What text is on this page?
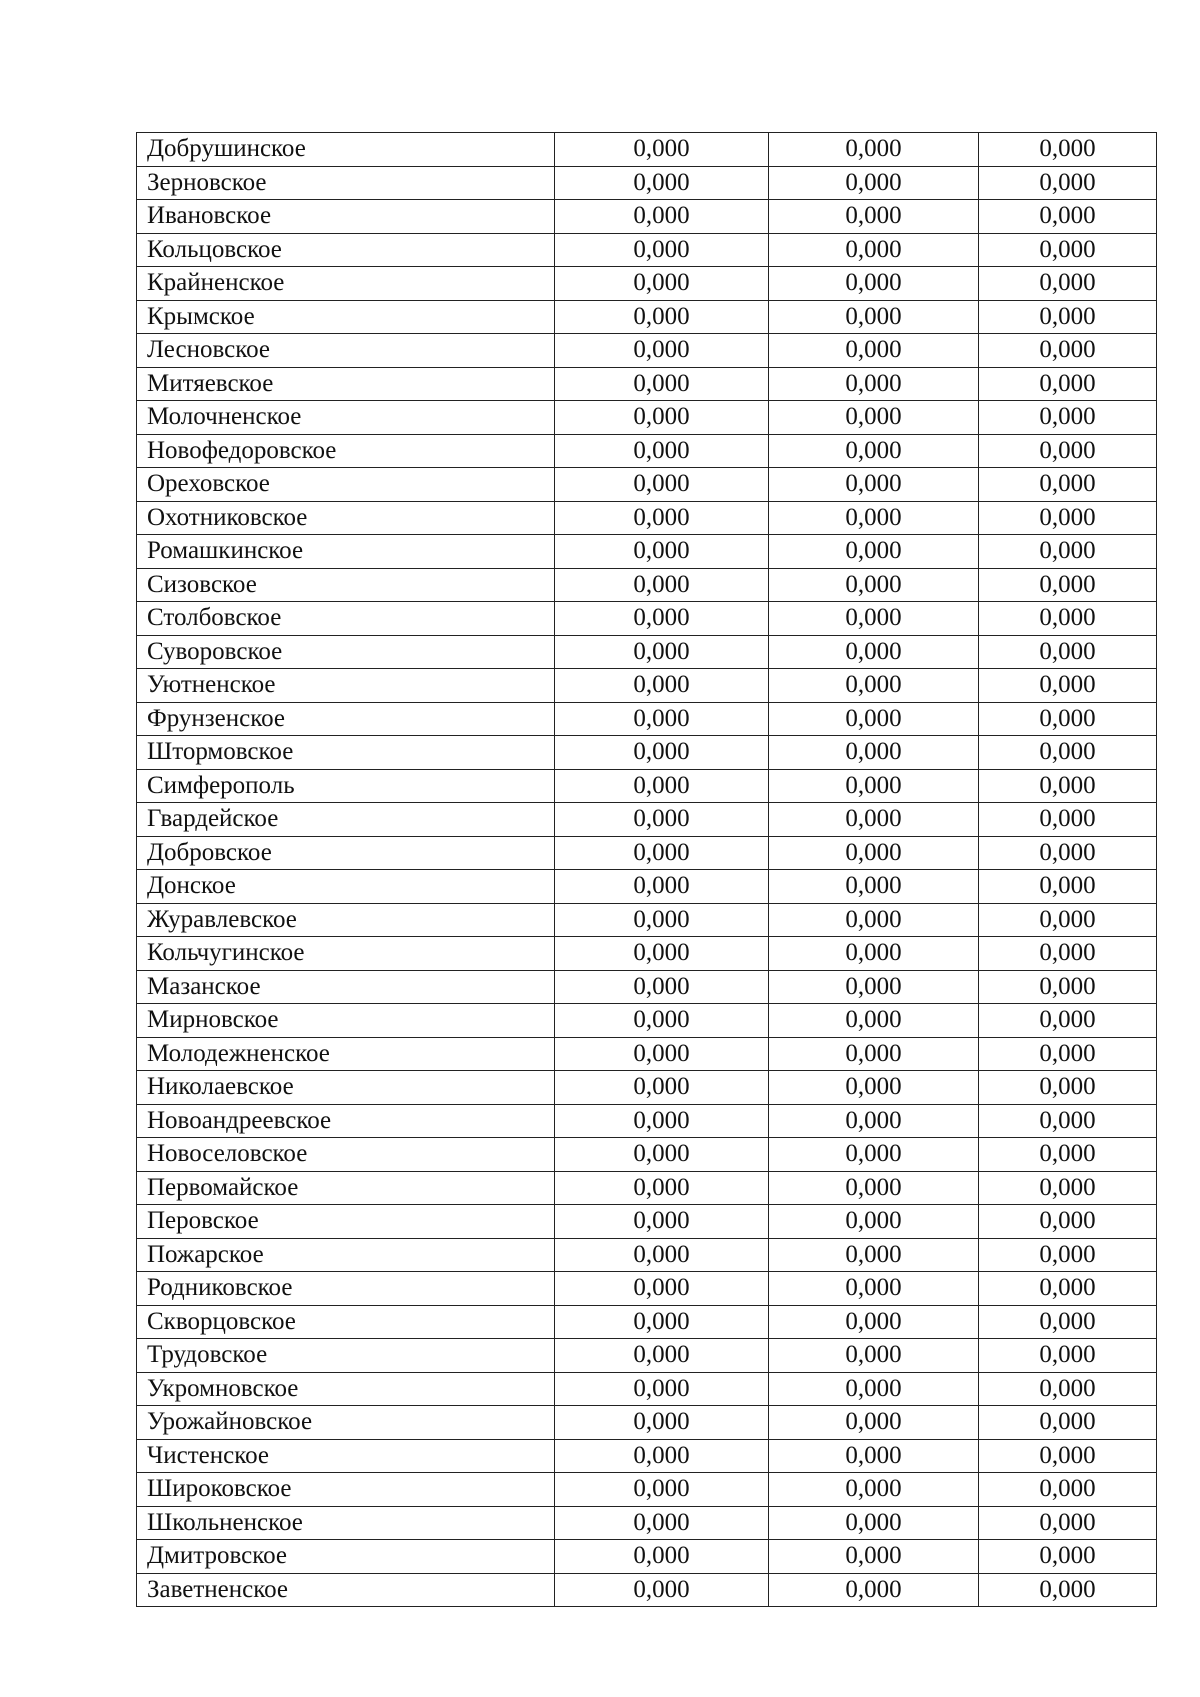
Добрушинское	0,000	0,000	0,000
Зерновское	0,000	0,000	0,000
Ивановское	0,000	0,000	0,000
Кольцовское	0,000	0,000	0,000
Крайненское	0,000	0,000	0,000
Крымское	0,000	0,000	0,000
Лесновское	0,000	0,000	0,000
Митяевское	0,000	0,000	0,000
Молочненское	0,000	0,000	0,000
Новофедоровское	0,000	0,000	0,000
Ореховское	0,000	0,000	0,000
Охотниковское	0,000	0,000	0,000
Ромашкинское	0,000	0,000	0,000
Сизовское	0,000	0,000	0,000
Столбовское	0,000	0,000	0,000
Суворовское	0,000	0,000	0,000
Уютненское	0,000	0,000	0,000
Фрунзенское	0,000	0,000	0,000
Штормовское	0,000	0,000	0,000
Симферополь	0,000	0,000	0,000
Гвардейское	0,000	0,000	0,000
Добровское	0,000	0,000	0,000
Донское	0,000	0,000	0,000
Журавлевское	0,000	0,000	0,000
Кольчугинское	0,000	0,000	0,000
Мазанское	0,000	0,000	0,000
Мирновское	0,000	0,000	0,000
Молодежненское	0,000	0,000	0,000
Николаевское	0,000	0,000	0,000
Новоандреевское	0,000	0,000	0,000
Новоселовское	0,000	0,000	0,000
Первомайское	0,000	0,000	0,000
Перовское	0,000	0,000	0,000
Пожарское	0,000	0,000	0,000
Родниковское	0,000	0,000	0,000
Скворцовское	0,000	0,000	0,000
Трудовское	0,000	0,000	0,000
Укромновское	0,000	0,000	0,000
Урожайновское	0,000	0,000	0,000
Чистенское	0,000	0,000	0,000
Широковское	0,000	0,000	0,000
Школьненское	0,000	0,000	0,000
Дмитровское	0,000	0,000	0,000
Заветненское	0,000	0,000	0,000
